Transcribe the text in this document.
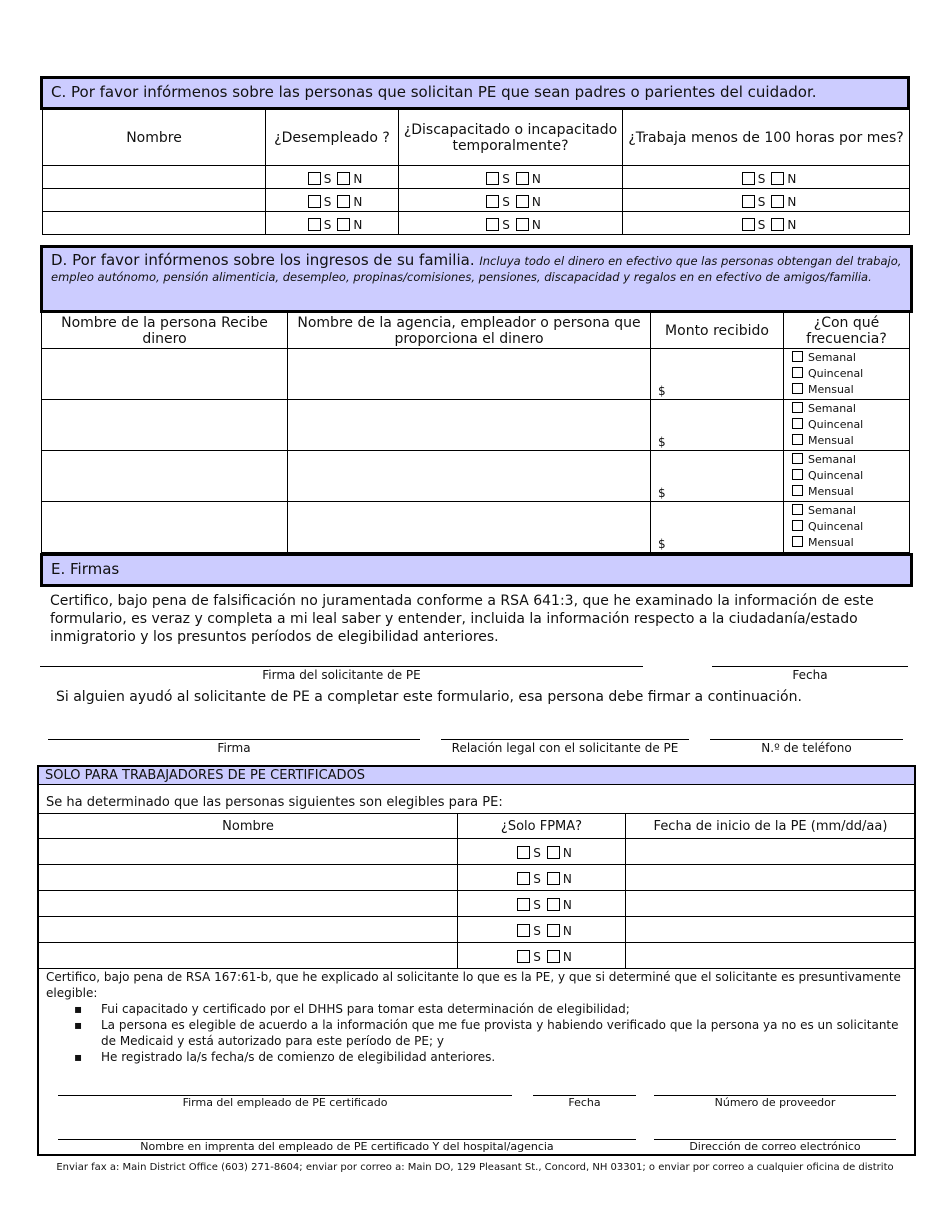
C. Por favor infórmenos sobre las personas que solicitan PE que sean padres o parientes del cuidador.
Nombre	¿Desempleado ?	¿Discapacitado o incapacitado temporalmente?	¿Trabaja menos de 100 horas por mes?
	S N	S N	S N
	S N	S N	S N
	S N	S N	S N
D. Por favor infórmenos sobre los ingresos de su familia. Incluya todo el dinero en efectivo que las personas obtengan del trabajo, empleo autónomo, pensión alimenticia, desempleo, propinas/comisiones, pensiones, discapacidad y regalos en en efectivo de amigos/familia.
Nombre de la persona Recibe dinero	Nombre de la agencia, empleador o persona que proporciona el dinero	Monto recibido	¿Con qué frecuencia?
		$	Semanal
Quincenal
Mensual

		$	Semanal
Quincenal
Mensual

		$	Semanal
Quincenal
Mensual

		$	Semanal
Quincenal
Mensual
E. Firmas
Certifico, bajo pena de falsificación no juramentada conforme a RSA 641:3, que he examinado la información de este formulario, es veraz y completa a mi leal saber y entender, incluida la información respecto a la ciudadanía/estado inmigratorio y los presuntos períodos de elegibilidad anteriores.
Firma del solicitante de PE	Fecha
Si alguien ayudó al solicitante de PE a completar este formulario, esa persona debe firmar a continuación.
Firma	Relación legal con el solicitante de PE	N.º de teléfono
SOLO PARA TRABAJADORES DE PE CERTIFICADOS
Se ha determinado que las personas siguientes son elegibles para PE:
Nombre	¿Solo FPMA?	Fecha de inicio de la PE (mm/dd/aa)
	S N	
	S N	
	S N	
	S N	
	S N	
Certifico, bajo pena de RSA 167:61-b, que he explicado al solicitante lo que es la PE, y que si determiné que el solicitante es presuntivamente elegible:
▪ Fui capacitado y certificado por el DHHS para tomar esta determinación de elegibilidad;
▪ La persona es elegible de acuerdo a la información que me fue provista y habiendo verificado que la persona ya no es un solicitante de Medicaid y está autorizado para este período de PE; y
▪ He registrado la/s fecha/s de comienzo de elegibilidad anteriores.
Firma del empleado de PE certificado	Fecha	Número de proveedor
Nombre en imprenta del empleado de PE certificado Y del hospital/agencia	Dirección de correo electrónico
Enviar fax a: Main District Office (603) 271-8604; enviar por correo a: Main DO, 129 Pleasant St., Concord, NH 03301; o enviar por correo a cualquier oficina de distrito
